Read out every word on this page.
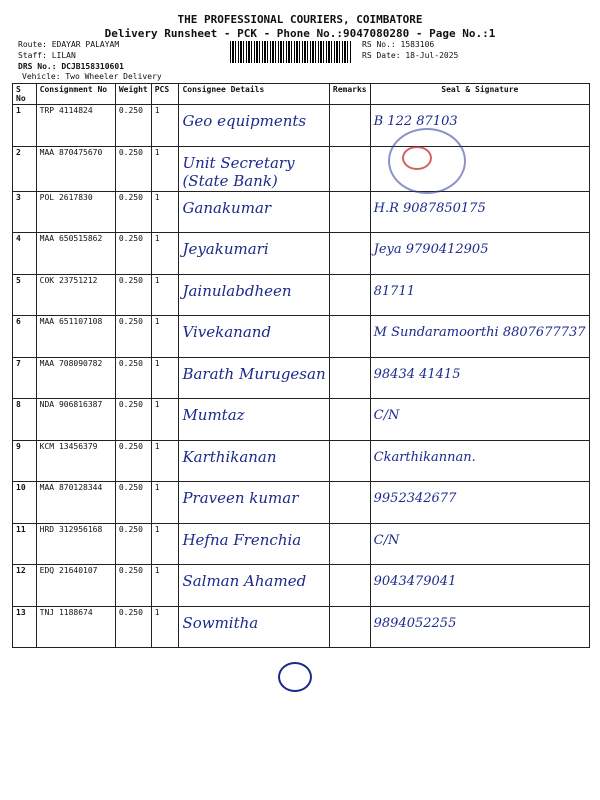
THE PROFESSIONAL COURIERS, COIMBATORE
Delivery Runsheet - PCK - Phone No.:9047080280 - Page No.:1
Route: EDAYAR PALAYAM
Staff: LILAN
DRS No.: DCJB158310601
Vehicle: Two Wheeler Delivery
RS No.: 1583106
RS Date: 18-Jul-2025
S No	Consignment No	Weight	PCS	Consignee Details	Remarks	Seal & Signature
1	TRP 4114824	0.250	1	Geo equipments		B 122 87103

2	MAA 870475670	0.250	1	Unit Secretary (State Bank)		

3	POL 2617830	0.250	1	Ganakumar		H.R 9087850175

4	MAA 650515862	0.250	1	Jeyakumari		Jeya 9790412905

5	COK 23751212	0.250	1	Jainulabdheen		81711

6	MAA 651107108	0.250	1	Vivekanand		M Sundaramoorthi 8807677737

7	MAA 708090782	0.250	1	Barath Murugesan		98434 41415

8	NDA 906816387	0.250	1	Mumtaz		C/N

9	KCM 13456379	0.250	1	Karthikanan		Ckarthikannan.

10	MAA 870128344	0.250	1	Praveen kumar		9952342677

11	HRD 312956168	0.250	1	Hefna Frenchia		C/N

12	EDQ 21640107	0.250	1	Salman Ahamed		9043479041

13	TNJ 1188674	0.250	1	Sowmitha		9894052255
